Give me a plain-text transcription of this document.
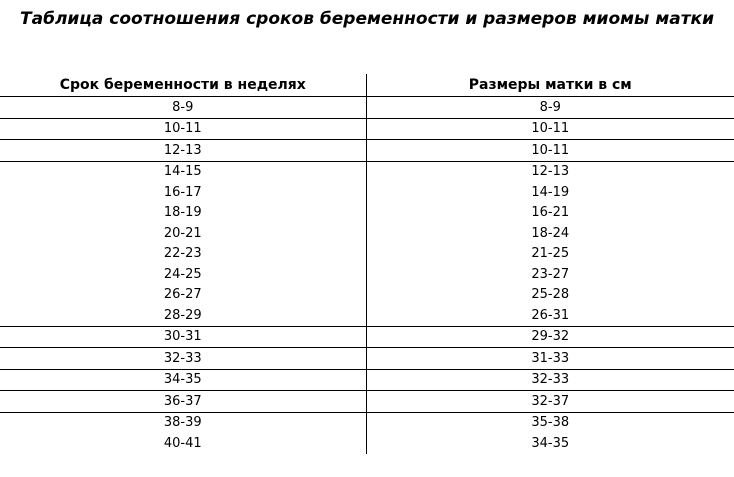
Таблица соотношения сроков беременности и размеров миомы матки
Срок беременности в неделях	Размеры матки в см
8-9	8-9
10-11	10-11
12-13	10-11
14-15	12-13
16-17	14-19
18-19	16-21
20-21	18-24
22-23	21-25
24-25	23-27
26-27	25-28
28-29	26-31
30-31	29-32
32-33	31-33
34-35	32-33
36-37	32-37
38-39	35-38
40-41	34-35
